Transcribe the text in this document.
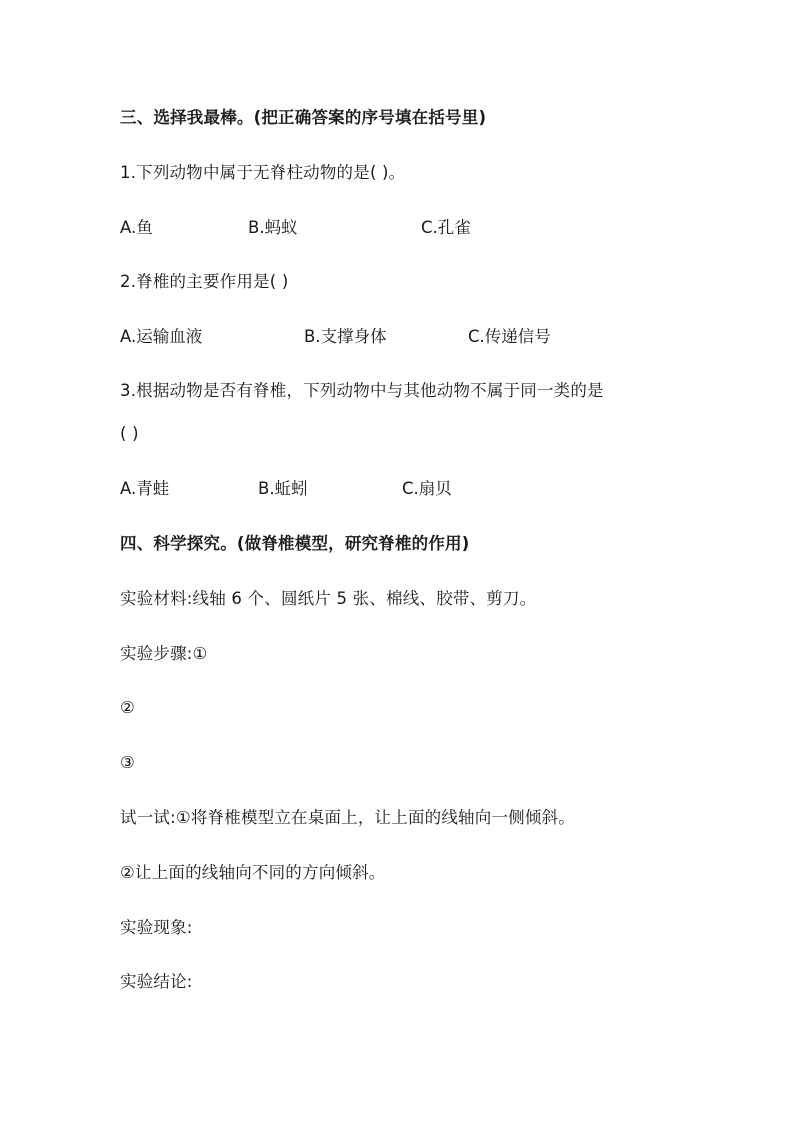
三、选择我最棒。(把正确答案的序号填在括号里)
1.下列动物中属于无脊柱动物的是( )。
A.鱼	B.蚂蚁	C.孔雀
2.脊椎的主要作用是( )
A.运输血液	B.支撑身体	C.传递信号
3.根据动物是否有脊椎，下列动物中与其他动物不属于同一类的是
( )
A.青蛙	B.蚯蚓	C.扇贝
四、科学探究。(做脊椎模型，研究脊椎的作用)
实验材料:线轴 6 个、圆纸片 5 张、棉线、胶带、剪刀。
实验步骤:①
②
③
试一试:①将脊椎模型立在桌面上，让上面的线轴向一侧倾斜。
②让上面的线轴向不同的方向倾斜。
实验现象:
实验结论:
